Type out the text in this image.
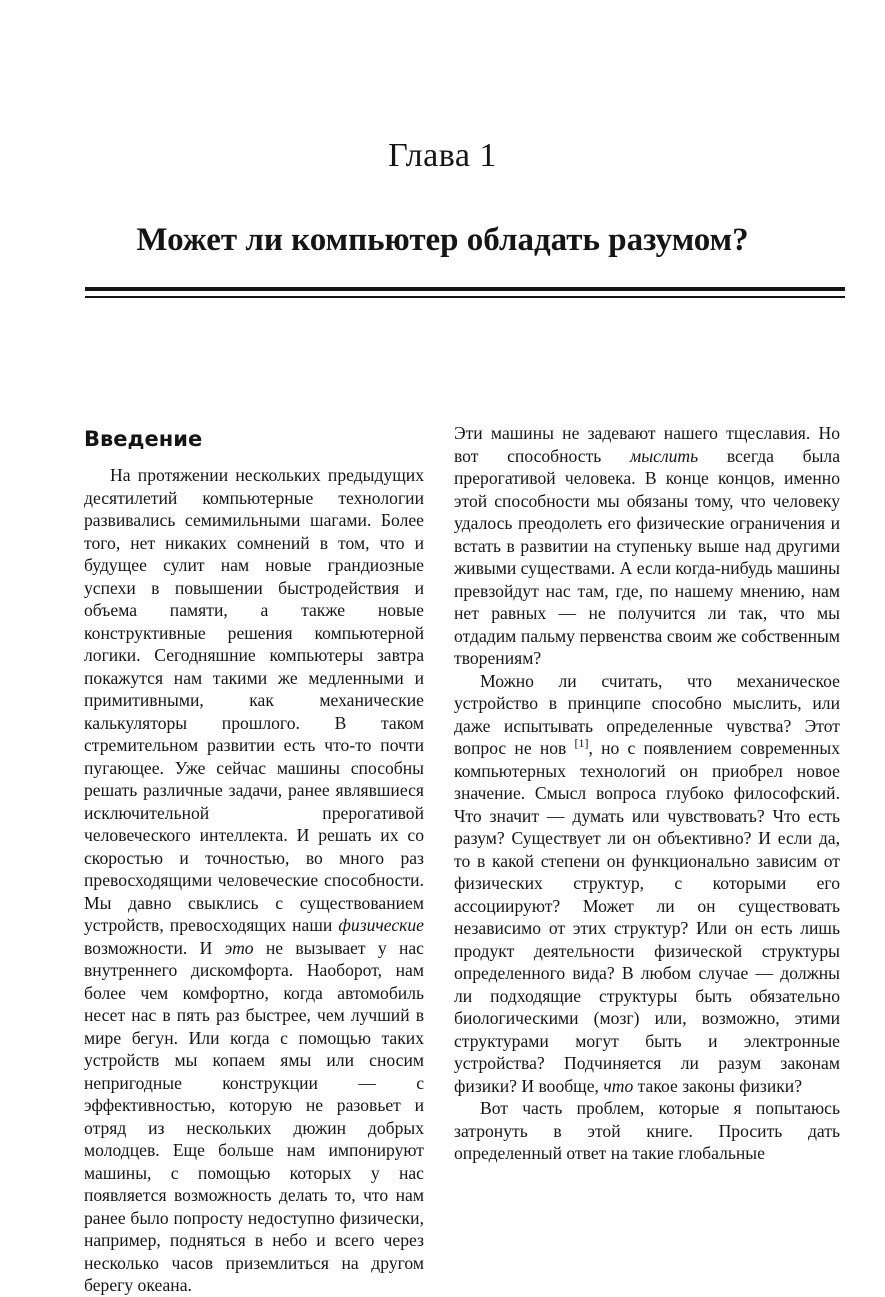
Глава 1
Может ли компьютер обладать разумом?
Введение

На протяжении нескольких предыдущих десятилетий компьютерные технологии развивались семимильными шагами. Более того, нет никаких сомнений в том, что и будущее сулит нам новые грандиозные успехи в повышении быстродействия и объема памяти, а также новые конструктивные решения компьютерной логики. Сегодняшние компьютеры завтра покажутся нам такими же медленными и примитивными, как механические калькуляторы прошлого. В таком стремительном развитии есть что-то почти пугающее. Уже сейчас машины способны решать различные задачи, ранее являвшиеся исключительной прерогативой человеческого интеллекта. И решать их со скоростью и точностью, во много раз превосходящими человеческие способности. Мы давно свыклись с существованием устройств, превосходящих наши физические возможности. И это не вызывает у нас внутреннего дискомфорта. Наоборот, нам более чем комфортно, когда автомобиль несет нас в пять раз быстрее, чем лучший в мире бегун. Или когда с помощью таких устройств мы копаем ямы или сносим непригодные конструкции — с эффективностью, которую не разовьет и отряд из нескольких дюжин добрых молодцев. Еще больше нам импонируют машины, с помощью которых у нас появляется возможность делать то, что нам ранее было попросту недоступно физически, например, подняться в небо и всего через несколько часов приземлиться на другом берегу океана.

Эти машины не задевают нашего тщеславия. Но вот способность мыслить всегда была прерогативой человека. В конце концов, именно этой способности мы обязаны тому, что человеку удалось преодолеть его физические ограничения и встать в развитии на ступеньку выше над другими живыми существами. А если когда-нибудь машины превзойдут нас там, где, по нашему мнению, нам нет равных — не получится ли так, что мы отдадим пальму первенства своим же собственным творениям?

Можно ли считать, что механическое устройство в принципе способно мыслить, или даже испытывать определенные чувства? Этот вопрос не нов [1], но с появлением современных компьютерных технологий он приобрел новое значение. Смысл вопроса глубоко философский. Что значит — думать или чувствовать? Что есть разум? Существует ли он объективно? И если да, то в какой степени он функционально зависим от физических структур, с которыми его ассоциируют? Может ли он существовать независимо от этих структур? Или он есть лишь продукт деятельности физической структуры определенного вида? В любом случае — должны ли подходящие структуры быть обязательно биологическими (мозг) или, возможно, этими структурами могут быть и электронные устройства? Подчиняется ли разум законам физики? И вообще, что такое законы физики?

Вот часть проблем, которые я попытаюсь затронуть в этой книге. Просить дать определенный ответ на такие глобальные
